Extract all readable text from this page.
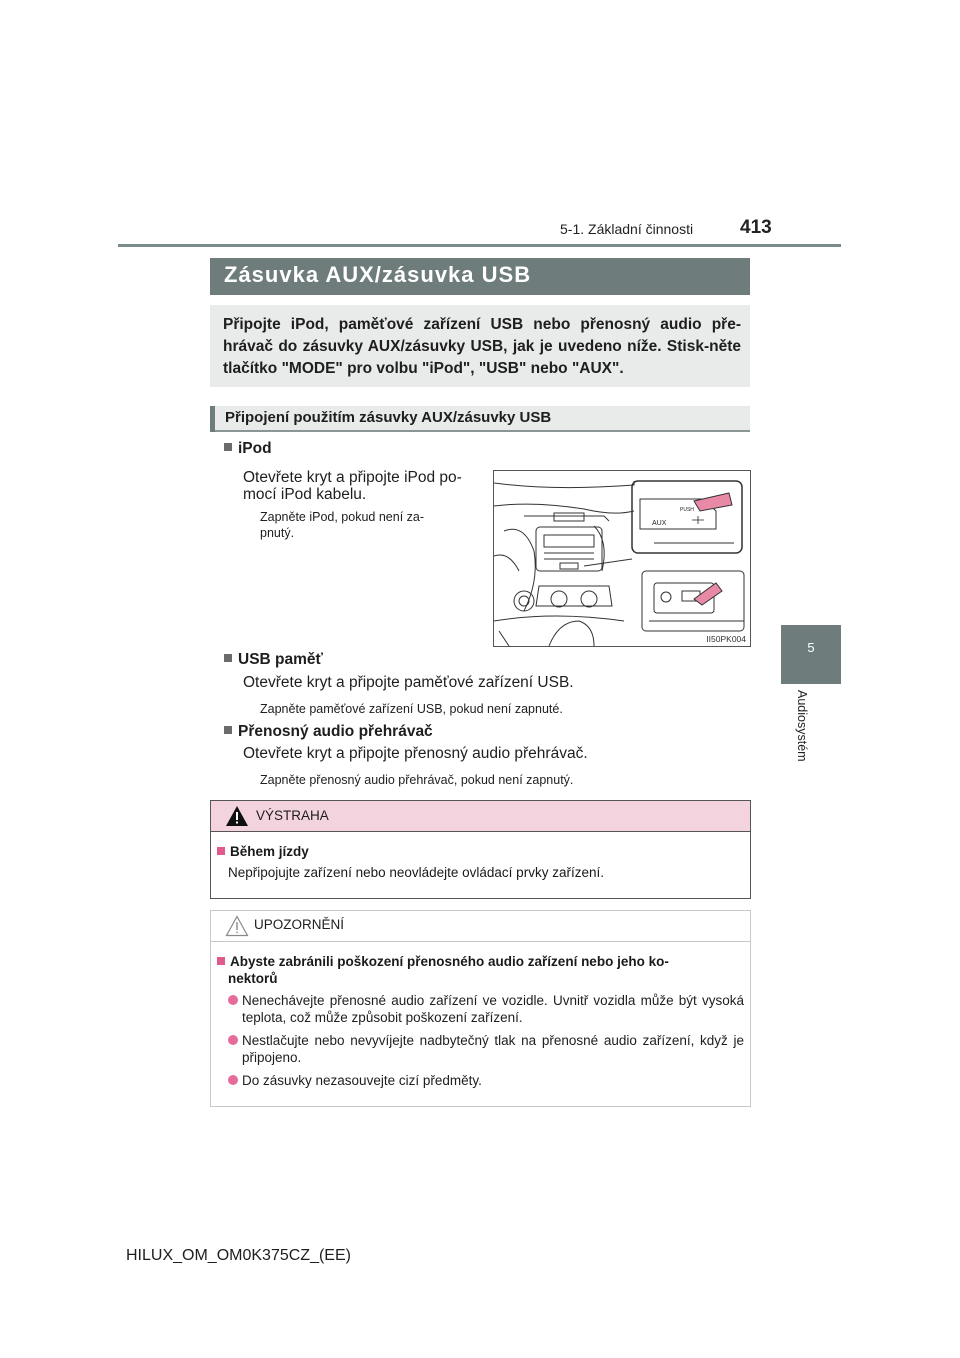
5-1. Základní činnosti 413
5
Audiosystém
Zásuvka AUX/zásuvka USB

Připojte iPod, paměťové zařízení USB nebo přenosný audio pře-hrávač do zásuvky AUX/zásuvky USB, jak je uvedeno níže. Stisk-něte tlačítko "MODE" pro volbu "iPod", "USB" nebo "AUX".

Připojení použitím zásuvky AUX/zásuvky USB
iPod
Otevřete kryt a připojte iPod po-
mocí iPod kabelu.
Zapněte iPod, pokud není za-
pnutý.
AUX
PUSH
II50PK004
USB paměť
Otevřete kryt a připojte paměťové zařízení USB.
Zapněte paměťové zařízení USB, pokud není zapnuté.
Přenosný audio přehrávač
Otevřete kryt a připojte přenosný audio přehrávač.
Zapněte přenosný audio přehrávač, pokud není zapnutý.
VÝSTRAHA
Během jízdy
Nepřipojujte zařízení nebo neovládejte ovládací prvky zařízení.
UPOZORNĚNÍ
Abyste zabránili poškození přenosného audio zařízení nebo jeho ko-
nektorů
Nenechávejte přenosné audio zařízení ve vozidle. Uvnitř vozidla může být vysoká teplota, což může způsobit poškození zařízení.
Nestlačujte nebo nevyvíjejte nadbytečný tlak na přenosné audio zařízení, když je připojeno.
Do zásuvky nezasouvejte cizí předměty.
HILUX_OM_OM0K375CZ_(EE)
